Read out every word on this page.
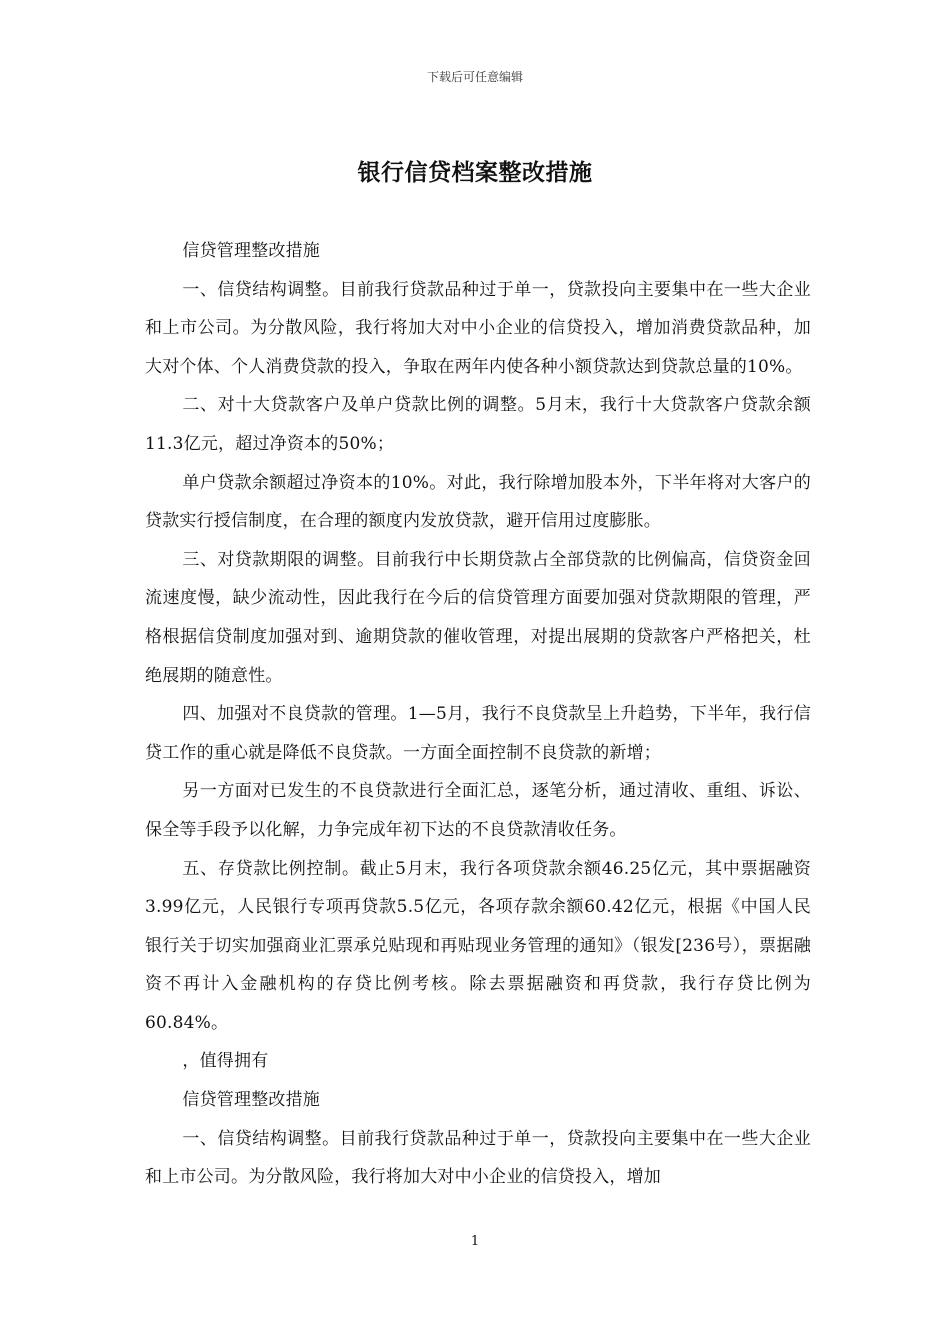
下载后可任意编辑
银行信贷档案整改措施

信贷管理整改措施

一、信贷结构调整。目前我行贷款品种过于单一，贷款投向主要集中在一些大企业和上市公司。为分散风险，我行将加大对中小企业的信贷投入，增加消费贷款品种，加大对个体、个人消费贷款的投入，争取在两年内使各种小额贷款达到贷款总量的10%。

二、对十大贷款客户及单户贷款比例的调整。5月末，我行十大贷款客户贷款余额11.3亿元，超过净资本的50%；

单户贷款余额超过净资本的10%。对此，我行除增加股本外，下半年将对大客户的贷款实行授信制度，在合理的额度内发放贷款，避开信用过度膨胀。

三、对贷款期限的调整。目前我行中长期贷款占全部贷款的比例偏高，信贷资金回流速度慢，缺少流动性，因此我行在今后的信贷管理方面要加强对贷款期限的管理，严格根据信贷制度加强对到、逾期贷款的催收管理，对提出展期的贷款客户严格把关，杜绝展期的随意性。

四、加强对不良贷款的管理。1—5月，我行不良贷款呈上升趋势，下半年，我行信贷工作的重心就是降低不良贷款。一方面全面控制不良贷款的新增；

另一方面对已发生的不良贷款进行全面汇总，逐笔分析，通过清收、重组、诉讼、保全等手段予以化解，力争完成年初下达的不良贷款清收任务。

五、存贷款比例控制。截止5月末，我行各项贷款余额46.25亿元，其中票据融资3.99亿元，人民银行专项再贷款5.5亿元，各项存款余额60.42亿元，根据《中国人民银行关于切实加强商业汇票承兑贴现和再贴现业务管理的通知》（银发[236号），票据融资不再计入金融机构的存贷比例考核。除去票据融资和再贷款，我行存贷比例为60.84%。

，值得拥有

信贷管理整改措施

一、信贷结构调整。目前我行贷款品种过于单一，贷款投向主要集中在一些大企业和上市公司。为分散风险，我行将加大对中小企业的信贷投入，增加

1
